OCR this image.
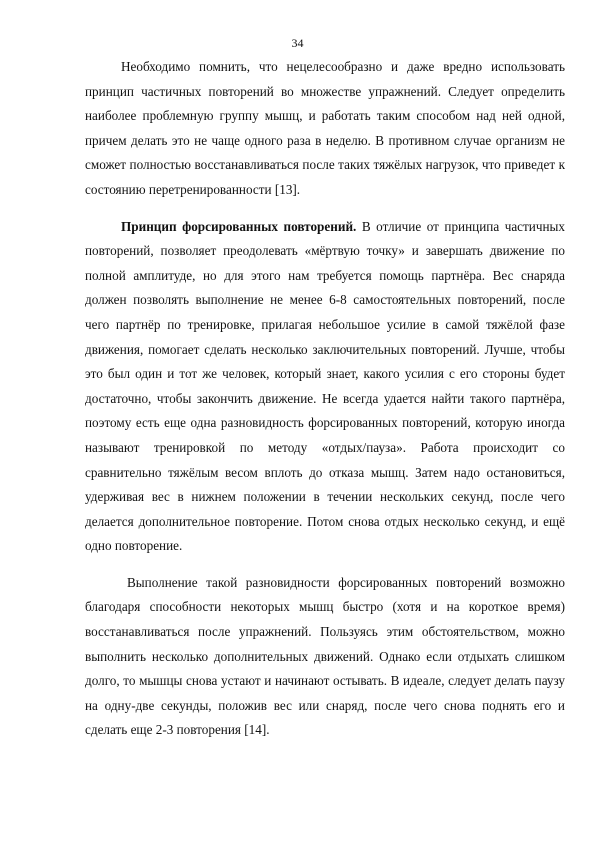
34

Необходимо помнить, что нецелесообразно и даже вредно использовать принцип частичных повторений во множестве упражнений. Следует определить наиболее проблемную группу мышц, и работать таким способом над ней одной, причем делать это не чаще одного раза в неделю. В противном случае организм не сможет полностью восстанавливаться после таких тяжёлых нагрузок, что приведет к состоянию перетренированности [13].

Принцип форсированных повторений. В отличие от принципа частичных повторений, позволяет преодолевать «мёртвую точку» и завершать движение по полной амплитуде, но для этого нам требуется помощь партнёра. Вес снаряда должен позволять выполнение не менее 6-8 самостоятельных повторений, после чего партнёр по тренировке, прилагая небольшое усилие в самой тяжёлой фазе движения, помогает сделать несколько заключительных повторений. Лучше, чтобы это был один и тот же человек, который знает, какого усилия с его стороны будет достаточно, чтобы закончить движение. Не всегда удается найти такого партнёра, поэтому есть еще одна разновидность форсированных повторений, которую иногда называют тренировкой по методу «отдых/пауза». Работа происходит со сравнительно тяжёлым весом вплоть до отказа мышц. Затем надо остановиться, удерживая вес в нижнем положении в течении нескольких секунд, после чего делается дополнительное повторение. Потом снова отдых несколько секунд, и ещё одно повторение.

Выполнение такой разновидности форсированных повторений возможно благодаря способности некоторых мышц быстро (хотя и на короткое время) восстанавливаться после упражнений. Пользуясь этим обстоятельством, можно выполнить несколько дополнительных движений. Однако если отдыхать слишком долго, то мышцы снова устают и начинают остывать. В идеале, следует делать паузу на одну-две секунды, положив вес или снаряд, после чего снова поднять его и сделать еще 2-3 повторения [14].
